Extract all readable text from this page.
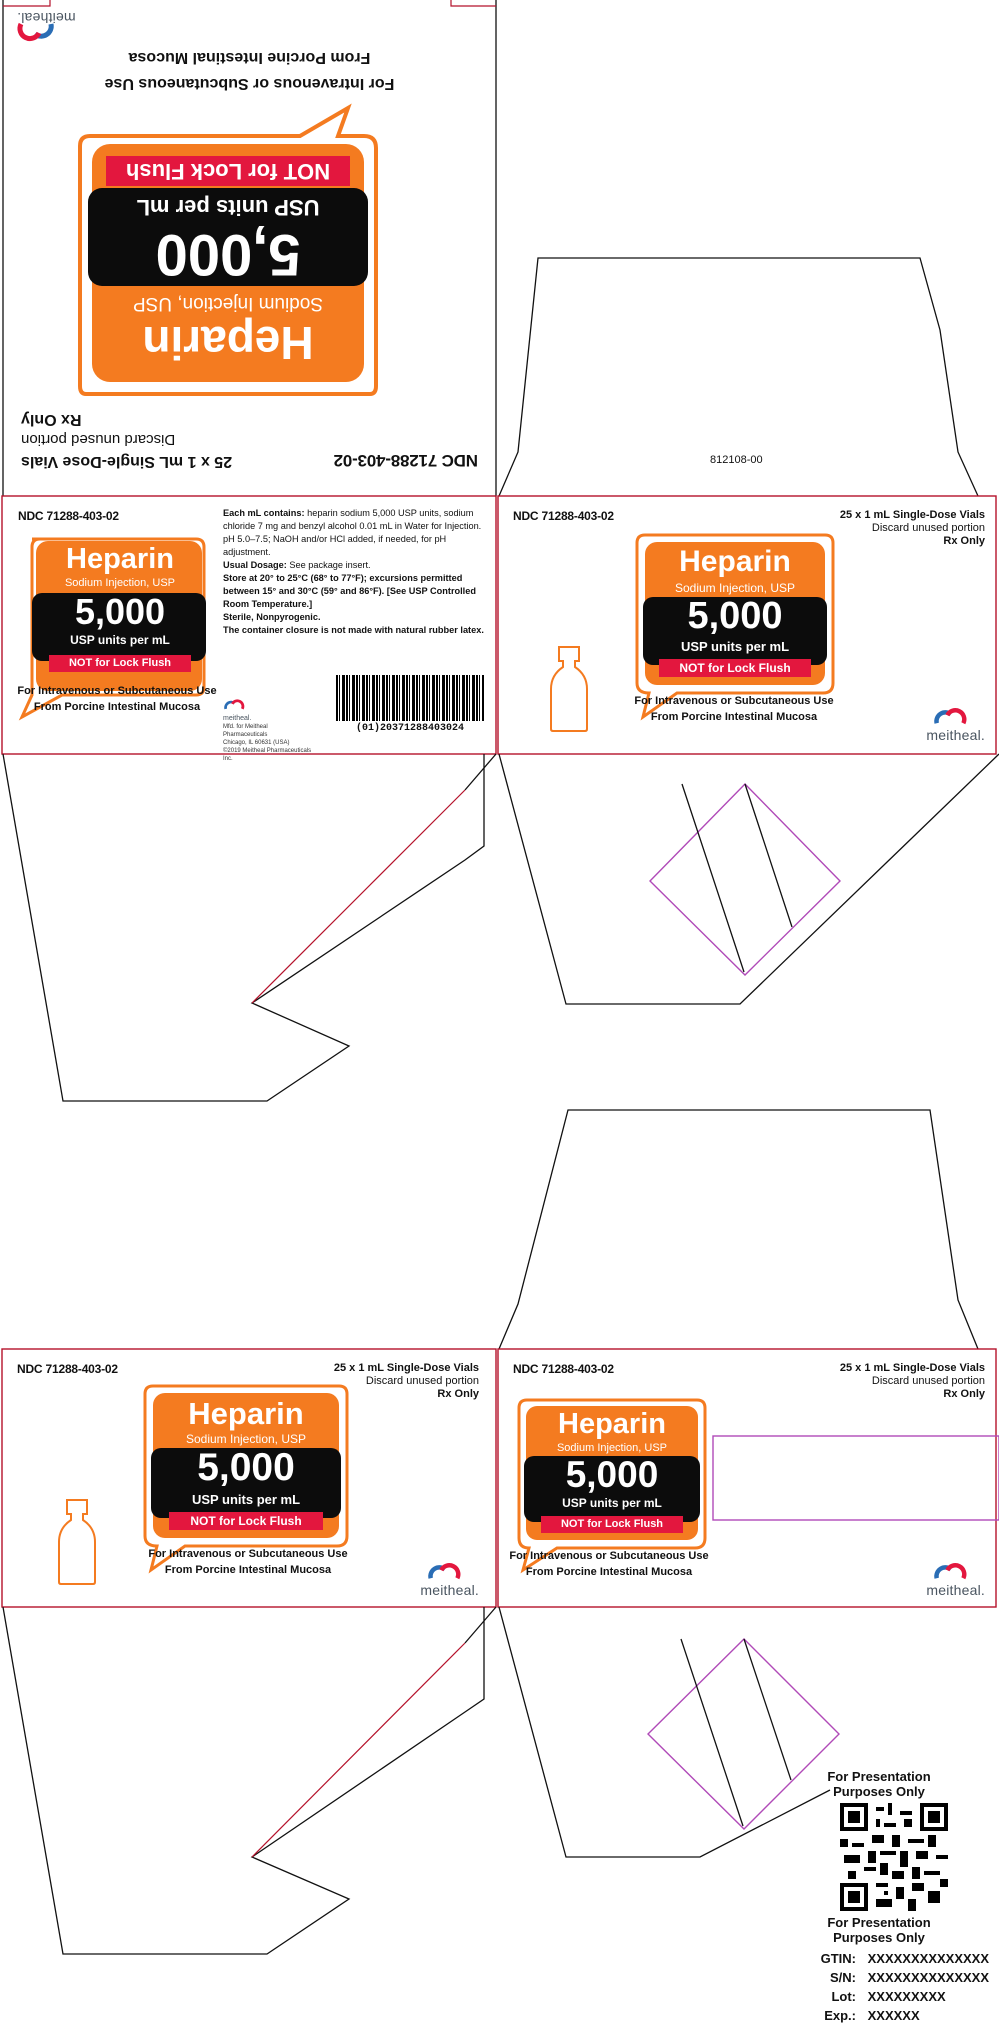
NDC 71288-403-02
25 x 1 mL Single-Dose Vials
Discard unused portion
Rx Only
Heparin
Sodium Injection, USP
5,000
USP units per mL
NOT for Lock Flush
For Intravenous or Subcutaneous Use
From Porcine Intestinal Mucosa
meitheal.
812108-00
NDC 71288-403-02
Heparin
Sodium Injection, USP
5,000
USP units per mL
NOT for Lock Flush
For Intravenous or Subcutaneous Use
From Porcine Intestinal Mucosa
Each mL contains: heparin sodium 5,000 USP units, sodium chloride 7 mg and benzyl alcohol 0.01 mL in Water for Injection. pH 5.0–7.5; NaOH and/or HCl added, if needed, for pH adjustment.
Usual Dosage: See package insert.
Store at 20° to 25°C (68° to 77°F); excursions permitted between 15° and 30°C (59° and 86°F). [See USP Controlled Room Temperature.]
Sterile, Nonpyrogenic.
The container closure is not made with natural rubber latex.
meitheal.
Mfd. for Meitheal Pharmaceuticals
Chicago, IL 60631 (USA)
©2019 Meitheal Pharmaceuticals Inc.
(01)20371288403024
NDC 71288-403-02	25 x 1 mL Single-Dose Vials
Discard unused portion
Rx Only
Heparin
Sodium Injection, USP
5,000
USP units per mL
NOT for Lock Flush
For Intravenous or Subcutaneous Use
From Porcine Intestinal Mucosa
meitheal.
NDC 71288-403-02	25 x 1 mL Single-Dose Vials
Discard unused portion
Rx Only
Heparin
Sodium Injection, USP
5,000
USP units per mL
NOT for Lock Flush
For Intravenous or Subcutaneous Use
From Porcine Intestinal Mucosa
meitheal.
NDC 71288-403-02	25 x 1 mL Single-Dose Vials
Discard unused portion
Rx Only
Heparin
Sodium Injection, USP
5,000
USP units per mL
NOT for Lock Flush
For Intravenous or Subcutaneous Use
From Porcine Intestinal Mucosa
meitheal.
For Presentation Purposes Only
For Presentation Purposes Only
GTIN: XXXXXXXXXXXXXX
S/N: XXXXXXXXXXXXXX
Lot: XXXXXXXXX
Exp.: XXXXXX
